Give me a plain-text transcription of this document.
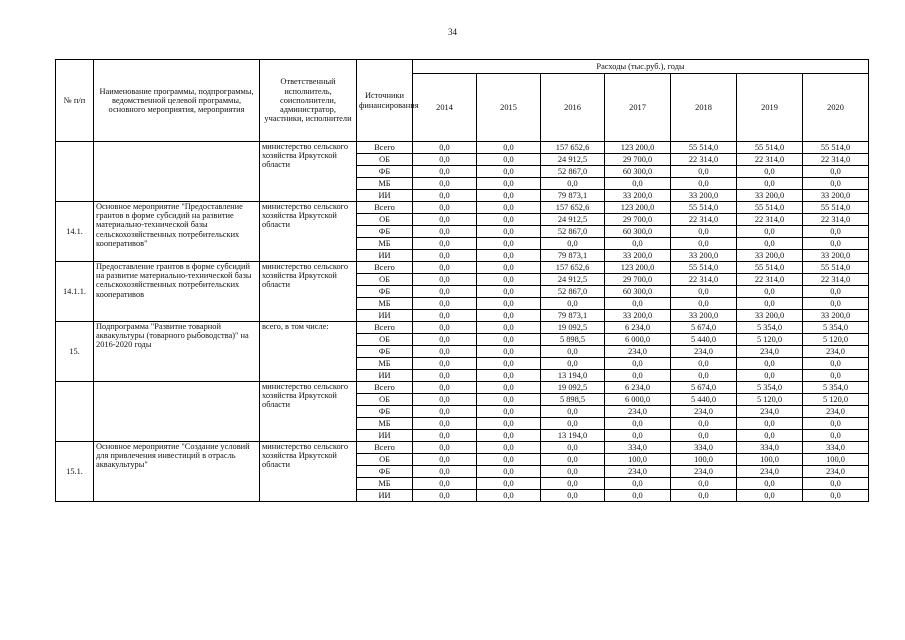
34
№ п/п	Наименование программы, подпрограммы, ведомственной целевой программы, основного мероприятия, мероприятия	Ответственный исполнитель, соисполнители, администратор, участники, исполнители	Источники финансирования	Расходы (тыс.руб.), годы						
				2014	2015	2016	2017	2018	2019	2020
		министерство сельского хозяйства Иркутской области	Всего	0,0	0,0	157 652,6	123 200,0	55 514,0	55 514,0	55 514,0
			ОБ	0,0	0,0	24 912,5	29 700,0	22 314,0	22 314,0	22 314,0
			ФБ	0,0	0,0	52 867,0	60 300,0	0,0	0,0	0,0
			МБ	0,0	0,0	0,0	0,0	0,0	0,0	0,0
			ИИ	0,0	0,0	79 873,1	33 200,0	33 200,0	33 200,0	33 200,0
14.1.	Основное мероприятие "Предоставление грантов в форме субсидий на развитие материально-технической базы сельскохозяйственных потребительских кооперативов"	министерство сельского хозяйства Иркутской области	Всего	0,0	0,0	157 652,6	123 200,0	55 514,0	55 514,0	55 514,0
			ОБ	0,0	0,0	24 912,5	29 700,0	22 314,0	22 314,0	22 314,0
			ФБ	0,0	0,0	52 867,0	60 300,0	0,0	0,0	0,0
			МБ	0,0	0,0	0,0	0,0	0,0	0,0	0,0
			ИИ	0,0	0,0	79 873,1	33 200,0	33 200,0	33 200,0	33 200,0
14.1.1.	Предоставление грантов в форме субсидий на развитие материально-технической базы сельскохозяйственных потребительских кооперативов	министерство сельского хозяйства Иркутской области	Всего	0,0	0,0	157 652,6	123 200,0	55 514,0	55 514,0	55 514,0
			ОБ	0,0	0,0	24 912,5	29 700,0	22 314,0	22 314,0	22 314,0
			ФБ	0,0	0,0	52 867,0	60 300,0	0,0	0,0	0,0
			МБ	0,0	0,0	0,0	0,0	0,0	0,0	0,0
			ИИ	0,0	0,0	79 873,1	33 200,0	33 200,0	33 200,0	33 200,0
15.	Подпрограмма "Развитие товарной аквакультуры (товарного рыбоводства)" на 2016-2020 годы	всего, в том числе:	Всего	0,0	0,0	19 092,5	6 234,0	5 674,0	5 354,0	5 354,0
			ОБ	0,0	0,0	5 898,5	6 000,0	5 440,0	5 120,0	5 120,0
			ФБ	0,0	0,0	0,0	234,0	234,0	234,0	234,0
			МБ	0,0	0,0	0,0	0,0	0,0	0,0	0,0
			ИИ	0,0	0,0	13 194,0	0,0	0,0	0,0	0,0
		министерство сельского хозяйства Иркутской области	Всего	0,0	0,0	19 092,5	6 234,0	5 674,0	5 354,0	5 354,0
			ОБ	0,0	0,0	5 898,5	6 000,0	5 440,0	5 120,0	5 120,0
			ФБ	0,0	0,0	0,0	234,0	234,0	234,0	234,0
			МБ	0,0	0,0	0,0	0,0	0,0	0,0	0,0
			ИИ	0,0	0,0	13 194,0	0,0	0,0	0,0	0,0
15.1.	Основное мероприятие "Создание условий для привлечения инвестиций в отрасль аквакультуры"	министерство сельского хозяйства Иркутской области	Всего	0,0	0,0	0,0	334,0	334,0	334,0	334,0
			ОБ	0,0	0,0	0,0	100,0	100,0	100,0	100,0
			ФБ	0,0	0,0	0,0	234,0	234,0	234,0	234,0
			МБ	0,0	0,0	0,0	0,0	0,0	0,0	0,0
			ИИ	0,0	0,0	0,0	0,0	0,0	0,0	0,0
